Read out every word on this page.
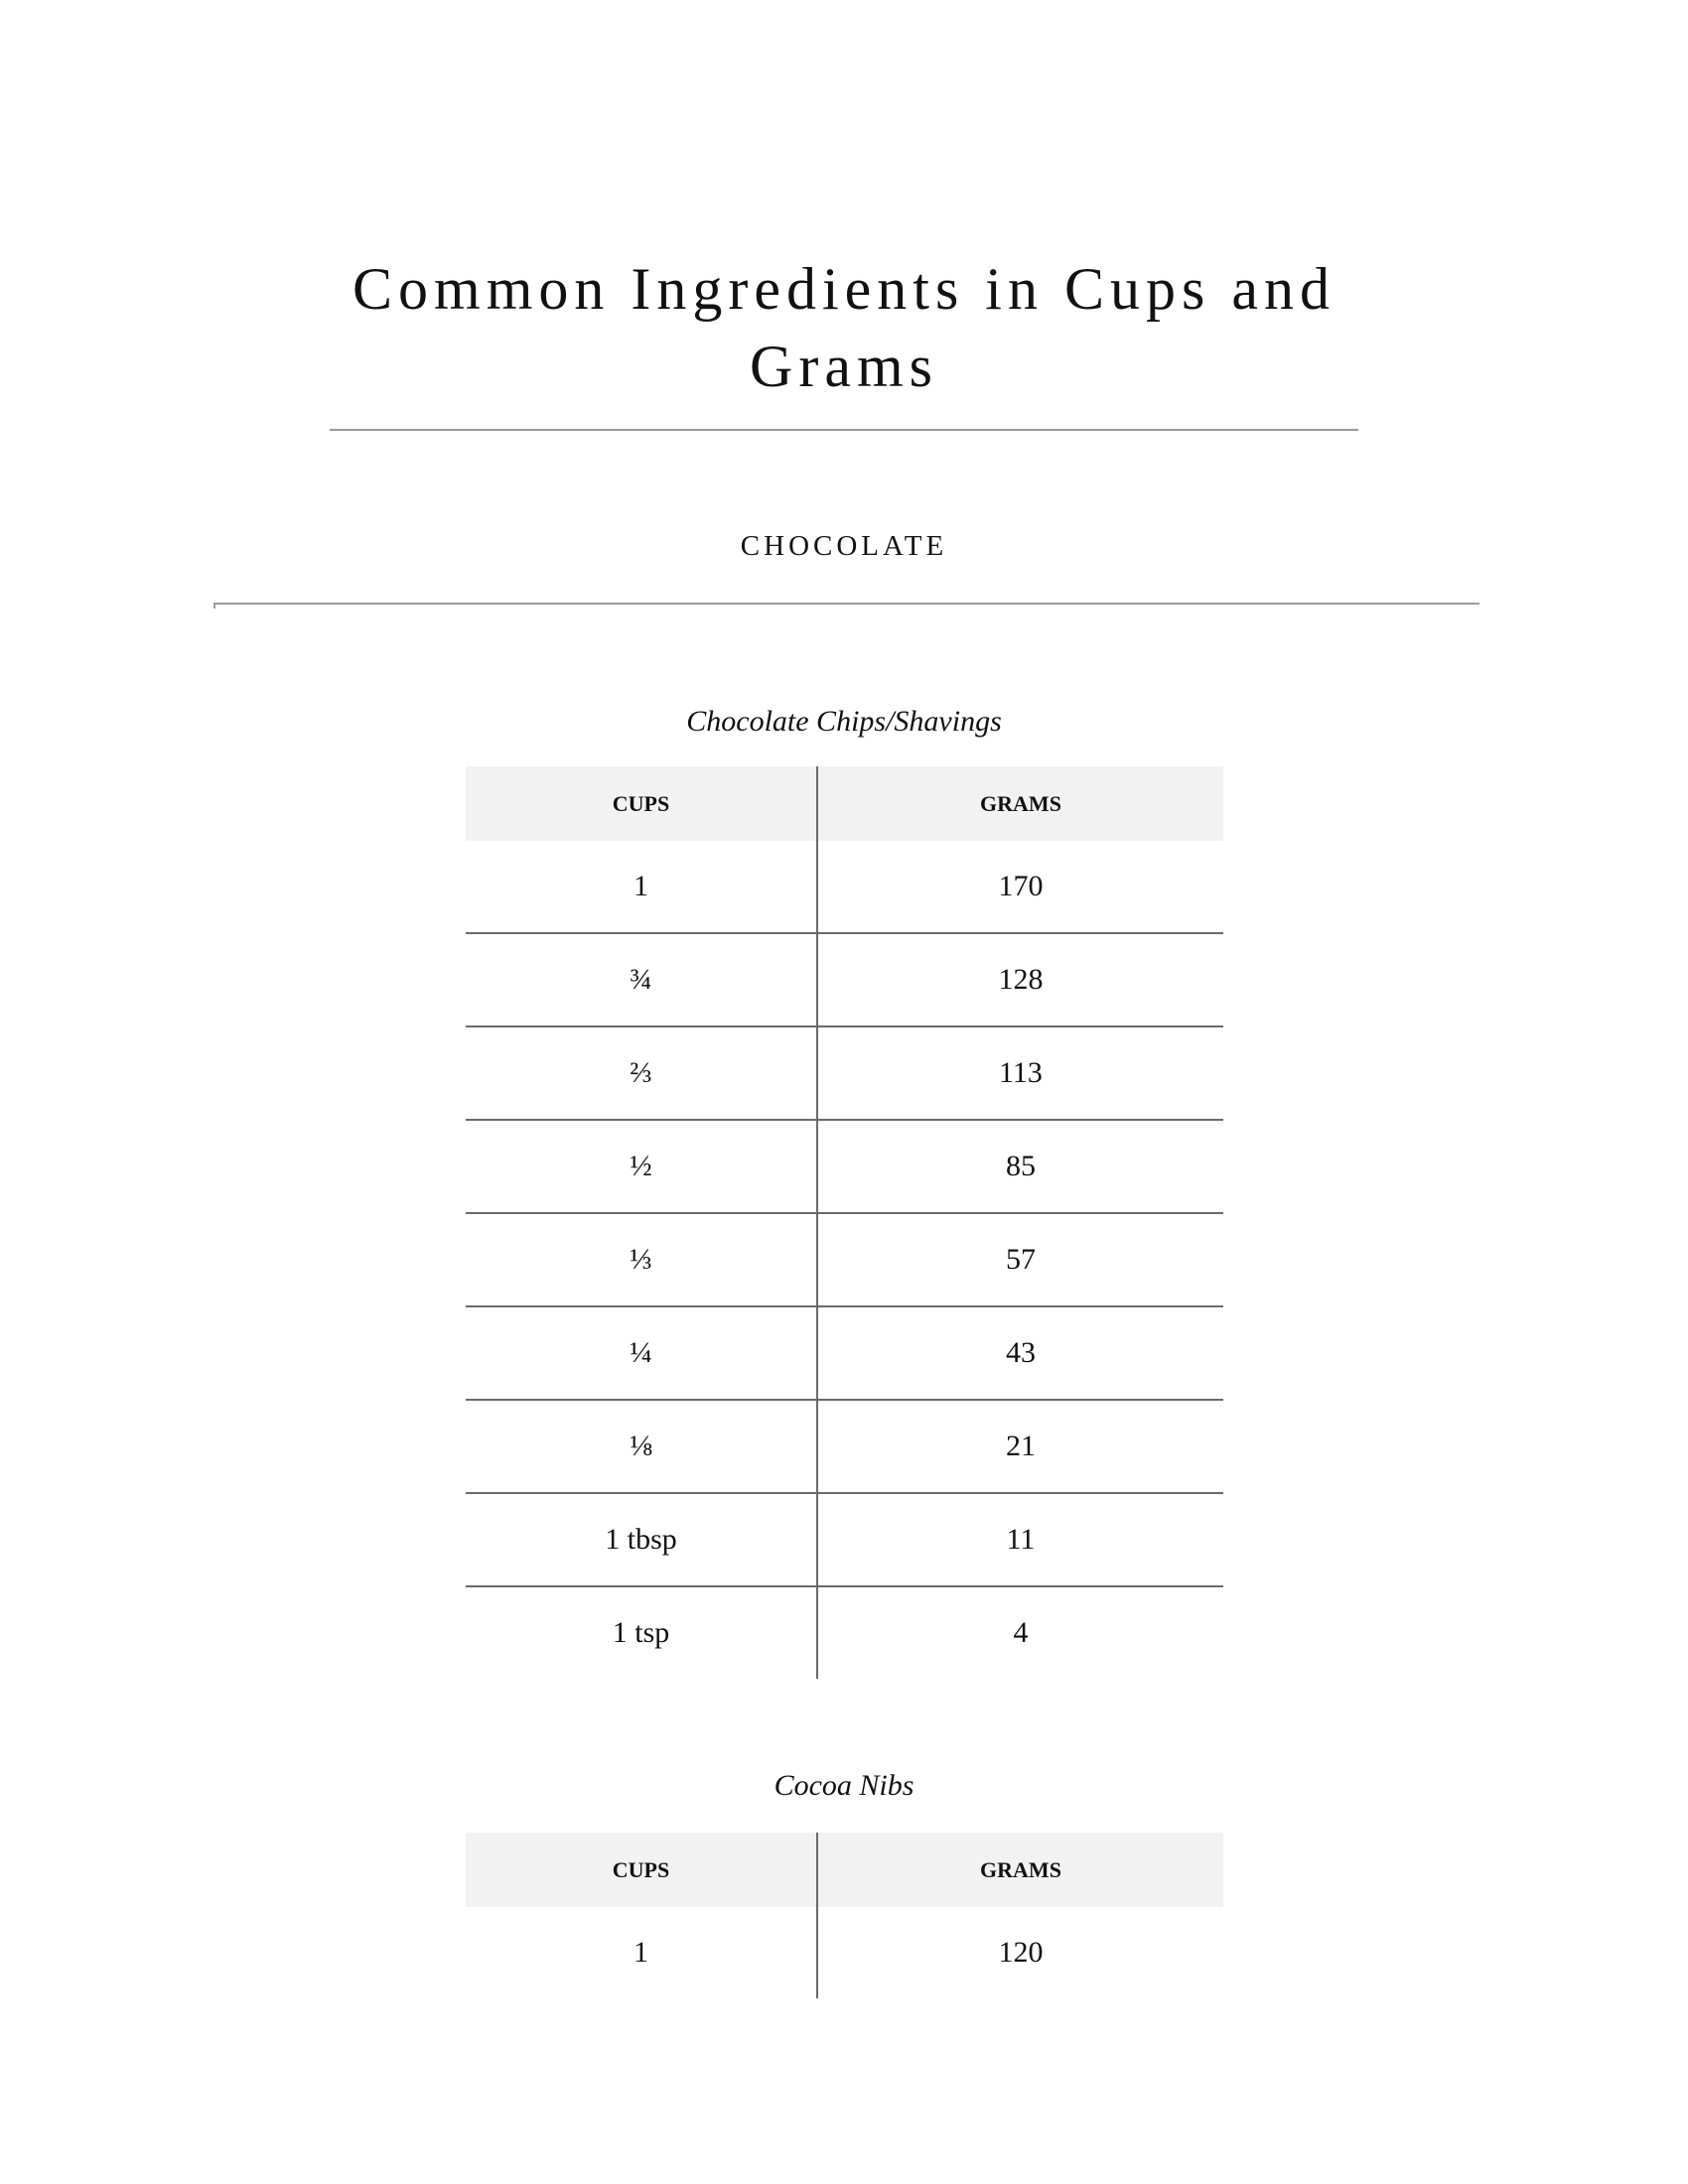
Common Ingredients in Cups and Grams
CHOCOLATE

Chocolate Chips/Shavings

CUPS	GRAMS
1	170
¾	128
⅔	113
½	85
⅓	57
¼	43
⅛	21
1 tbsp	11
1 tsp	4

Cocoa Nibs

CUPS	GRAMS
1	120
